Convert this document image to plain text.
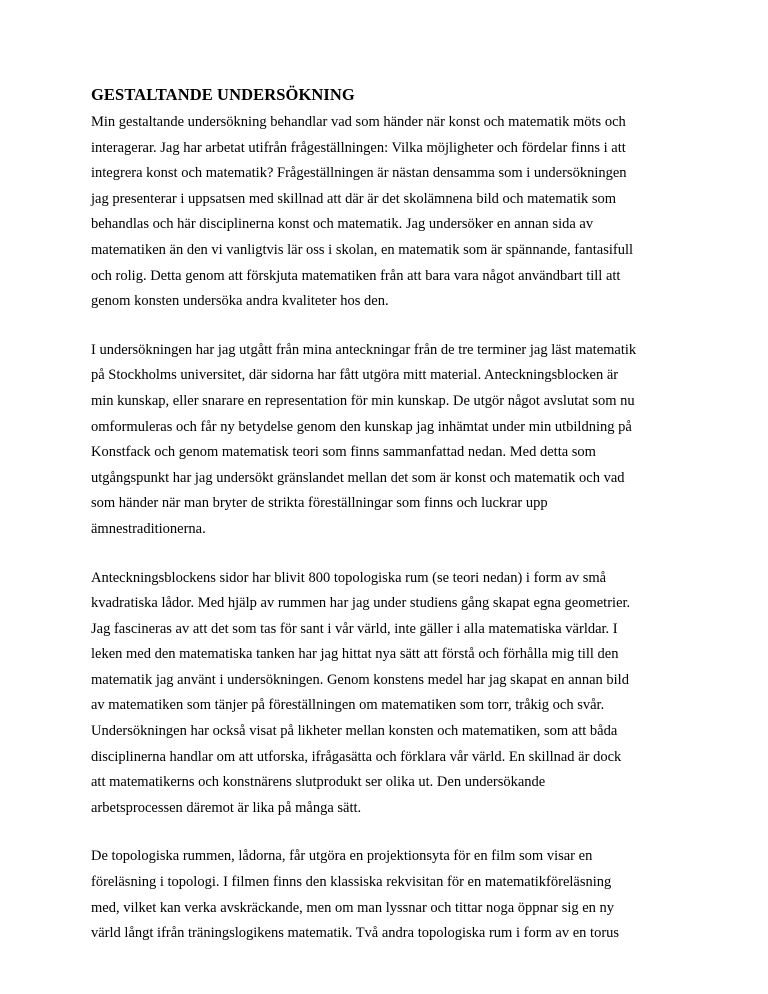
GESTALTANDE UNDERSÖKNING
Min gestaltande undersökning behandlar vad som händer när konst och matematik möts och
interagerar. Jag har arbetat utifrån frågeställningen: Vilka möjligheter och fördelar finns i att
integrera konst och matematik? Frågeställningen är nästan densamma som i undersökningen
jag presenterar i uppsatsen med skillnad att där är det skolämnena bild och matematik som
behandlas och här disciplinerna konst och matematik. Jag undersöker en annan sida av
matematiken än den vi vanligtvis lär oss i skolan, en matematik som är spännande, fantasifull
och rolig. Detta genom att förskjuta matematiken från att bara vara något användbart till att
genom konsten undersöka andra kvaliteter hos den.
I undersökningen har jag utgått från mina anteckningar från de tre terminer jag läst matematik
på Stockholms universitet, där sidorna har fått utgöra mitt material. Anteckningsblocken är
min kunskap, eller snarare en representation för min kunskap. De utgör något avslutat som nu
omformuleras och får ny betydelse genom den kunskap jag inhämtat under min utbildning på
Konstfack och genom matematisk teori som finns sammanfattad nedan. Med detta som
utgångspunkt har jag undersökt gränslandet mellan det som är konst och matematik och vad
som händer när man bryter de strikta föreställningar som finns och luckrar upp
ämnestraditionerna.
Anteckningsblockens sidor har blivit 800 topologiska rum (se teori nedan) i form av små
kvadratiska lådor. Med hjälp av rummen har jag under studiens gång skapat egna geometrier.
Jag fascineras av att det som tas för sant i vår värld, inte gäller i alla matematiska världar. I
leken med den matematiska tanken har jag hittat nya sätt att förstå och förhålla mig till den
matematik jag använt i undersökningen. Genom konstens medel har jag skapat en annan bild
av matematiken som tänjer på föreställningen om matematiken som torr, tråkig och svår.
Undersökningen har också visat på likheter mellan konsten och matematiken, som att båda
disciplinerna handlar om att utforska, ifrågasätta och förklara vår värld. En skillnad är dock
att matematikerns och konstnärens slutprodukt ser olika ut. Den undersökande
arbetsprocessen däremot är lika på många sätt.
De topologiska rummen, lådorna, får utgöra en projektionsyta för en film som visar en
föreläsning i topologi. I filmen finns den klassiska rekvisitan för en matematikföreläsning
med, vilket kan verka avskräckande, men om man lyssnar och tittar noga öppnar sig en ny
värld långt ifrån träningslogikens matematik. Två andra topologiska rum i form av en torus
